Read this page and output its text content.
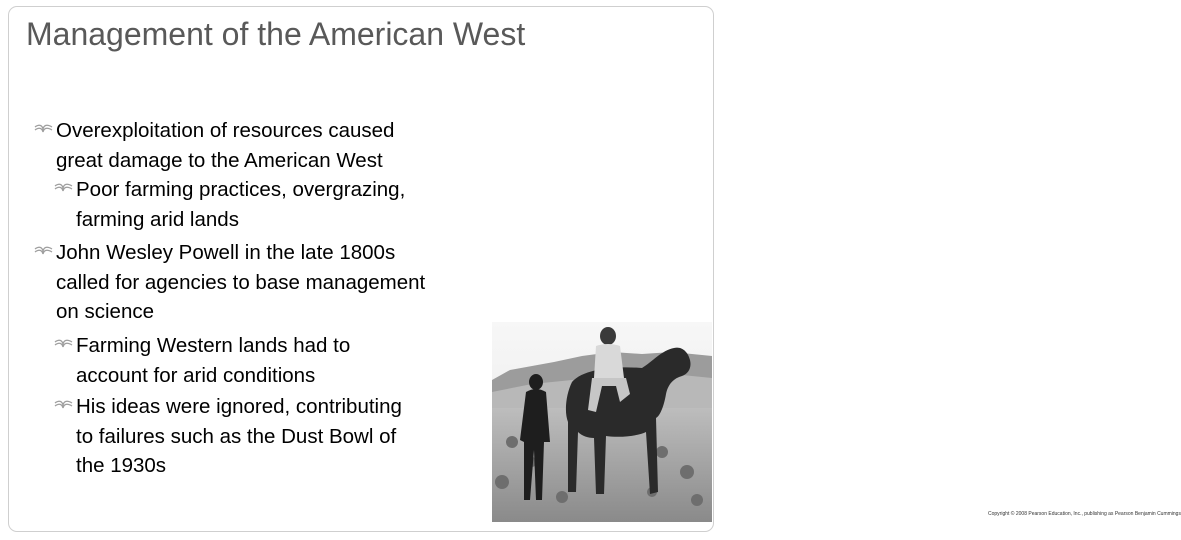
Management of the American West
Overexploitation of resources caused
great damage to the American West
Poor farming practices, overgrazing,
farming arid lands
John Wesley Powell in the late 1800s
called for agencies to base management
on science
Farming Western lands had to
account for arid conditions
His ideas were ignored, contributing
to failures such as the Dust Bowl of
the 1930s
Copyright © 2008 Pearson Education, Inc., publishing as Pearson Benjamin Cummings
